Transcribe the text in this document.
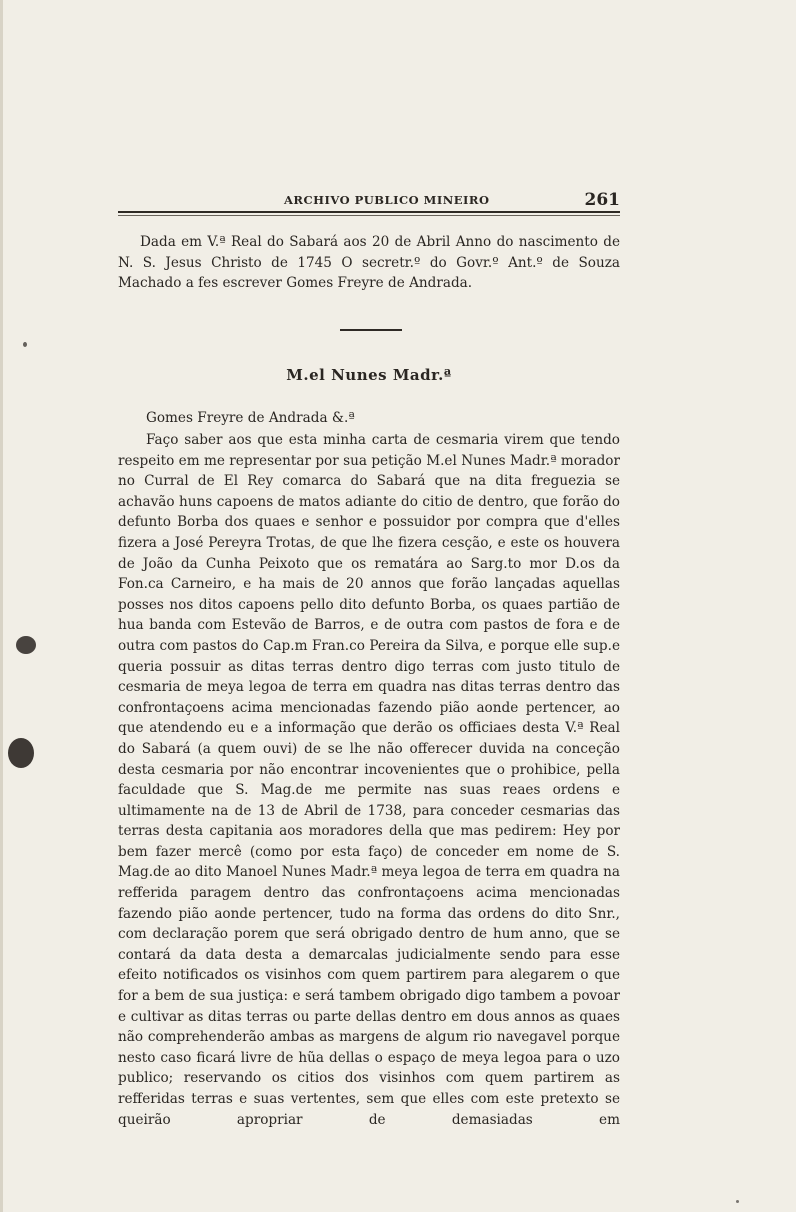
ARCHIVO PUBLICO MINEIRO	261

Dada em V.ª Real do Sabará aos 20 de Abril Anno do nascimento de N. S. Jesus Christo de 1745 O secretr.º do Govr.º Ant.º de Souza Machado a fes escrever Gomes Freyre de Andrada.

M.el Nunes Madr.ª
Gomes Freyre de Andrada &.ª

Faço saber aos que esta minha carta de cesmaria virem que tendo respeito em me representar por sua petição M.el Nunes Madr.ª morador no Curral de El Rey comarca do Sabará que na dita freguezia se achavão huns capoens de matos adiante do citio de dentro, que forão do defunto Borba dos quaes e senhor e possuidor por compra que d'elles fizera a José Pereyra Trotas, de que lhe fizera cesção, e este os houvera de João da Cunha Peixoto que os rematára ao Sarg.to mor D.os da Fon.ca Carneiro, e ha mais de 20 annos que forão lançadas aquellas posses nos ditos capoens pello dito defunto Borba, os quaes partião de hua banda com Estevão de Barros, e de outra com pastos de fora e de outra com pastos do Cap.m Fran.co Pereira da Silva, e porque elle sup.e queria possuir as ditas terras dentro digo terras com justo titulo de cesmaria de meya legoa de terra em quadra nas ditas terras dentro das confrontaçoens acima mencionadas fazendo pião aonde pertencer, ao que atendendo eu e a informação que derão os officiaes desta V.ª Real do Sabará (a quem ouvi) de se lhe não offerecer duvida na conceção desta cesmaria por não encontrar incovenientes que o prohibice, pella faculdade que S. Mag.de me permite nas suas reaes ordens e ultimamente na de 13 de Abril de 1738, para conceder cesmarias das terras desta capitania aos moradores della que mas pedirem: Hey por bem fazer mercê (como por esta faço) de conceder em nome de S. Mag.de ao dito Manoel Nunes Madr.ª meya legoa de terra em quadra na refferida paragem dentro das confrontaçoens acima mencionadas fazendo pião aonde pertencer, tudo na forma das ordens do dito Snr., com declaração porem que será obrigado dentro de hum anno, que se contará da data desta a demarcalas judicialmente sendo para esse efeito notificados os visinhos com quem partirem para alegarem o que for a bem de sua justiça: e será tambem obrigado digo tambem a povoar e cultivar as ditas terras ou parte dellas dentro em dous annos as quaes não comprehenderão ambas as margens de algum rio navegavel porque nesto caso ficará livre de hũa dellas o espaço de meya legoa para o uzo publico; reservando os citios dos visinhos com quem partirem as refferidas terras e suas vertentes, sem que elles com este pretexto se queirão apropriar de demasiadas em
